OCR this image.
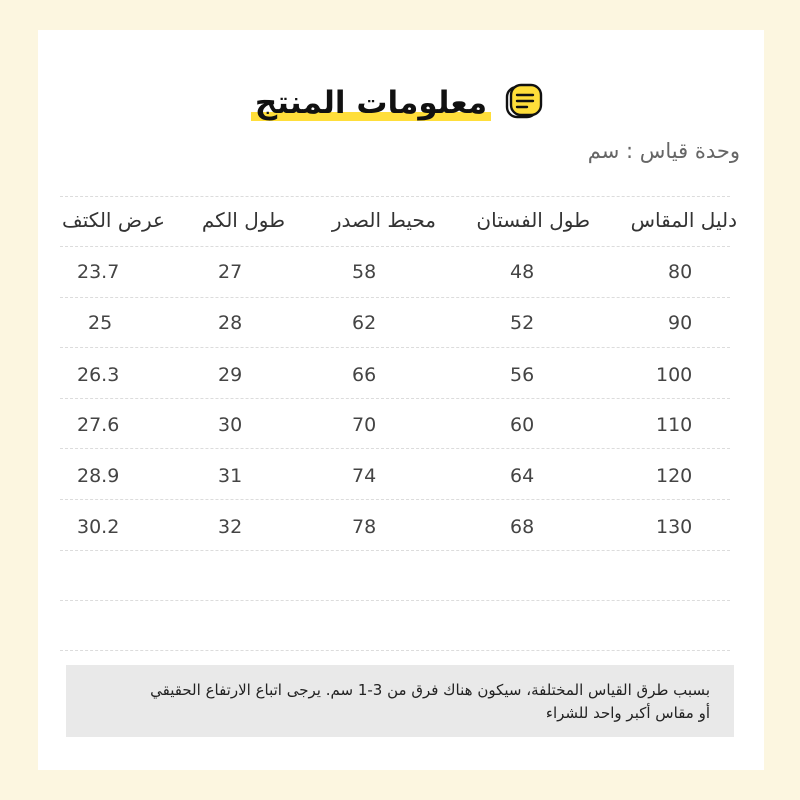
معلومات المنتج
وحدة قياس : سم
دليل المقاس
طول الفستان
محيط الصدر
طول الكم
عرض الكتف
80
48
58
27
23.7
90
52
62
28
25
100
56
66
29
26.3
110
60
70
30
27.6
120
64
74
31
28.9
130
68
78
32
30.2

بسبب طرق القياس المختلفة، سيكون هناك فرق من 3-1 سم. يرجى اتباع الارتفاع الحقيقي
أو مقاس أكبر واحد للشراء
